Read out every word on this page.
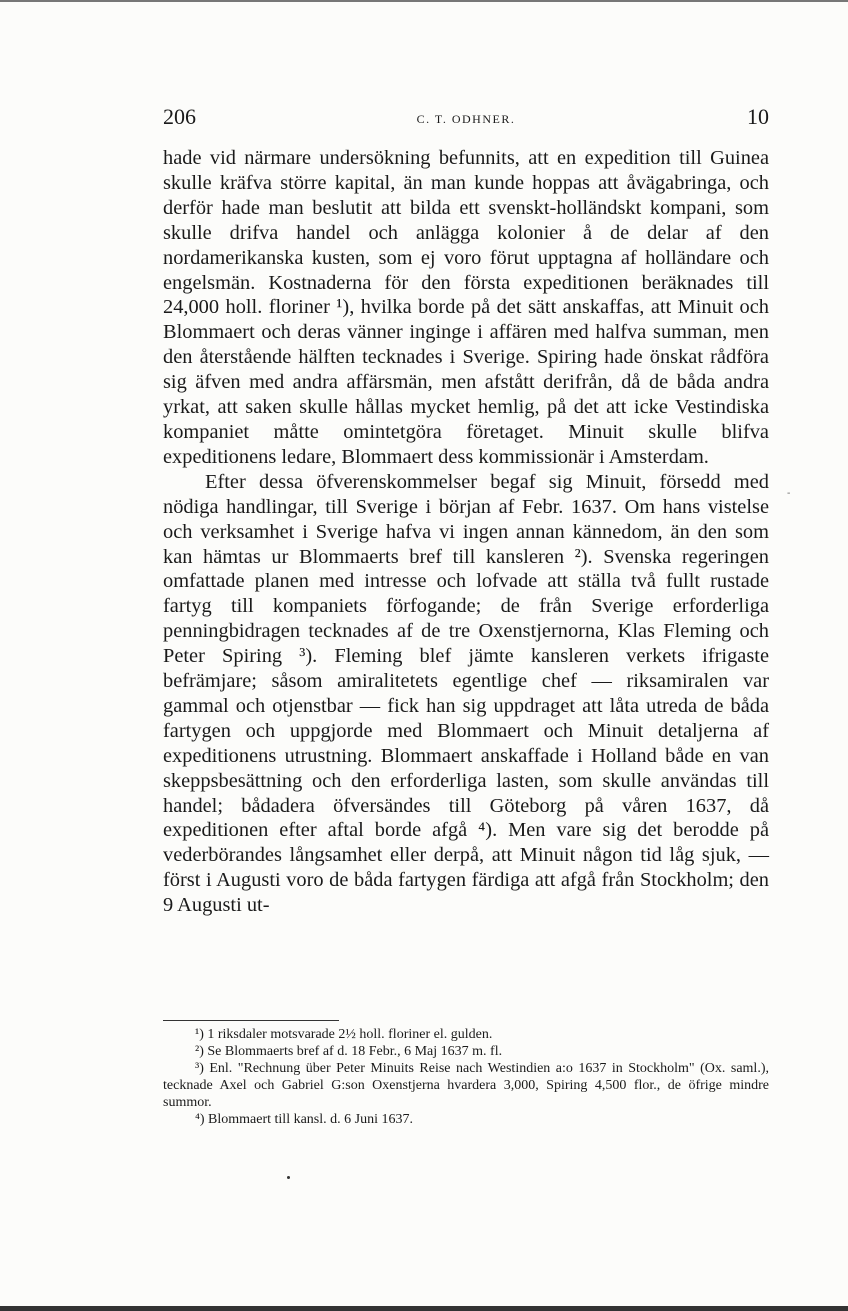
206	C. T. ODHNER.	10

hade vid närmare undersökning befunnits, att en expedition till Guinea skulle kräfva större kapital, än man kunde hoppas att åvägabringa, och derför hade man beslutit att bilda ett svenskt-holländskt kompani, som skulle drifva handel och anlägga kolonier å de delar af den nordamerikanska kusten, som ej voro förut upptagna af holländare och engelsmän. Kostnaderna för den första expeditionen beräknades till 24,000 holl. floriner ¹), hvilka borde på det sätt anskaffas, att Minuit och Blommaert och deras vänner inginge i affären med halfva summan, men den återstående hälften tecknades i Sverige. Spiring hade önskat rådföra sig äfven med andra affärsmän, men afstått derifrån, då de båda andra yrkat, att saken skulle hållas mycket hemlig, på det att icke Vestindiska kompaniet måtte omintetgöra företaget. Minuit skulle blifva expeditionens ledare, Blommaert dess kommissionär i Amsterdam.

Efter dessa öfverenskommelser begaf sig Minuit, försedd med nödiga handlingar, till Sverige i början af Febr. 1637. Om hans vistelse och verksamhet i Sverige hafva vi ingen annan kännedom, än den som kan hämtas ur Blommaerts bref till kansleren ²). Svenska regeringen omfattade planen med intresse och lofvade att ställa två fullt rustade fartyg till kompaniets förfogande; de från Sverige erforderliga penningbidragen tecknades af de tre Oxenstjernorna, Klas Fleming och Peter Spiring ³). Fleming blef jämte kansleren verkets ifrigaste befrämjare; såsom amiralitetets egentlige chef — riksamiralen var gammal och otjenstbar — fick han sig uppdraget att låta utreda de båda fartygen och uppgjorde med Blommaert och Minuit detaljerna af expeditionens utrustning. Blommaert anskaffade i Holland både en van skeppsbesättning och den erforderliga lasten, som skulle användas till handel; bådadera öfversändes till Göteborg på våren 1637, då expeditionen efter aftal borde afgå ⁴). Men vare sig det berodde på vederbörandes långsamhet eller derpå, att Minuit någon tid låg sjuk, — först i Augusti voro de båda fartygen färdiga att afgå från Stockholm; den 9 Augusti ut-

-

¹) 1 riksdaler motsvarade 2½ holl. floriner el. gulden.

²) Se Blommaerts bref af d. 18 Febr., 6 Maj 1637 m. fl.

³) Enl. "Rechnung über Peter Minuits Reise nach Westindien a:o 1637 in Stockholm" (Ox. saml.), tecknade Axel och Gabriel G:son Oxenstjerna hvardera 3,000, Spiring 4,500 flor., de öfrige mindre summor.

⁴) Blommaert till kansl. d. 6 Juni 1637.
